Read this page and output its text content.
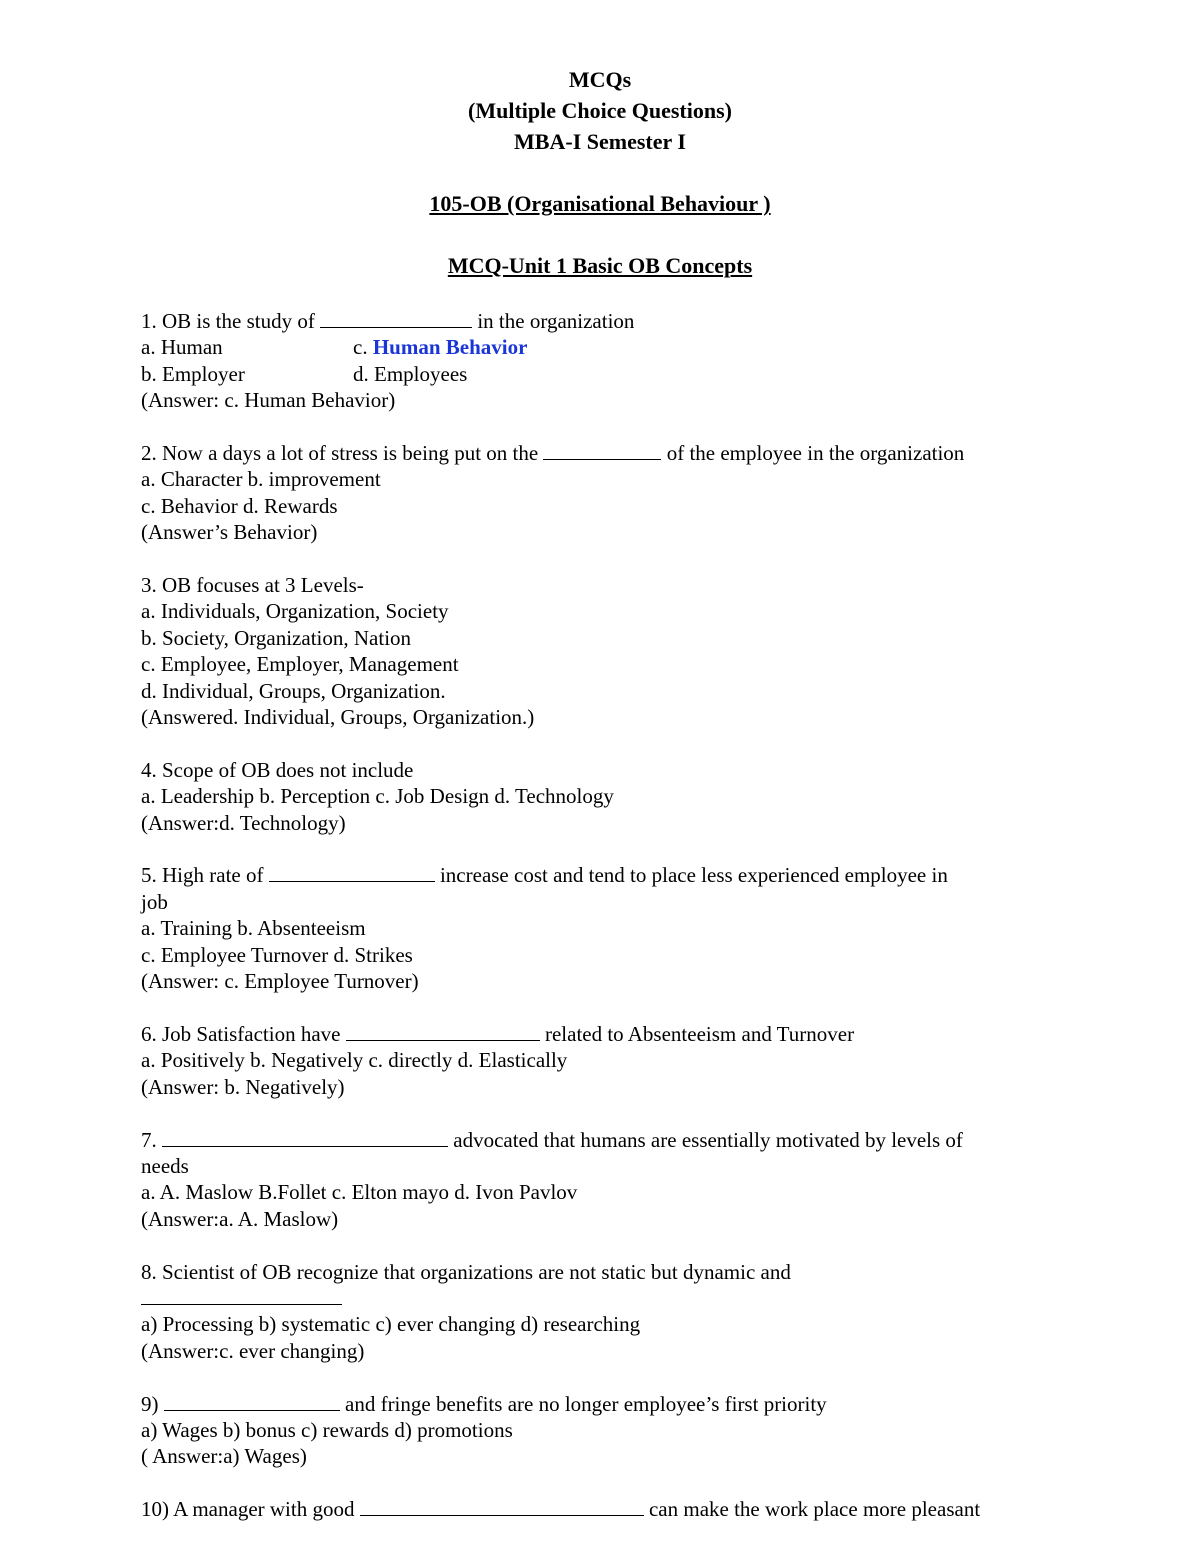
MCQs
(Multiple Choice Questions)
MBA-I Semester I
105-OB (Organisational Behaviour )
MCQ-Unit 1 Basic OB Concepts
1. OB is the study of	in the organization
a. Human	c. Human Behavior
b. Employer	d. Employees
(Answer: c. Human Behavior)
2. Now a days a lot of stress is being put on the	of the employee in the organization
a. Character b. improvement
c. Behavior d. Rewards
(Answer’s Behavior)
3. OB focuses at 3 Levels-
a. Individuals, Organization, Society
b. Society, Organization, Nation
c. Employee, Employer, Management
d. Individual, Groups, Organization.
(Answered. Individual, Groups, Organization.)
4. Scope of OB does not include
a. Leadership b. Perception c. Job Design d. Technology
(Answer:d. Technology)
5. High rate of	increase cost and tend to place less experienced employee in
job
a. Training b. Absenteeism
c. Employee Turnover d. Strikes
(Answer: c. Employee Turnover)
6. Job Satisfaction have	related to Absenteeism and Turnover
a. Positively b. Negatively c. directly d. Elastically
(Answer: b. Negatively)
7.	advocated that humans are essentially motivated by levels of
needs
a. A. Maslow B.Follet c. Elton mayo d. Ivon Pavlov
(Answer:a. A. Maslow)
8. Scientist of OB recognize that organizations are not static but dynamic and
a) Processing b) systematic c) ever changing d) researching
(Answer:c. ever changing)
9)	and fringe benefits are no longer employee’s first priority
a) Wages b) bonus c) rewards d) promotions
( Answer:a) Wages)
10) A manager with good	can make the work place more pleasant
